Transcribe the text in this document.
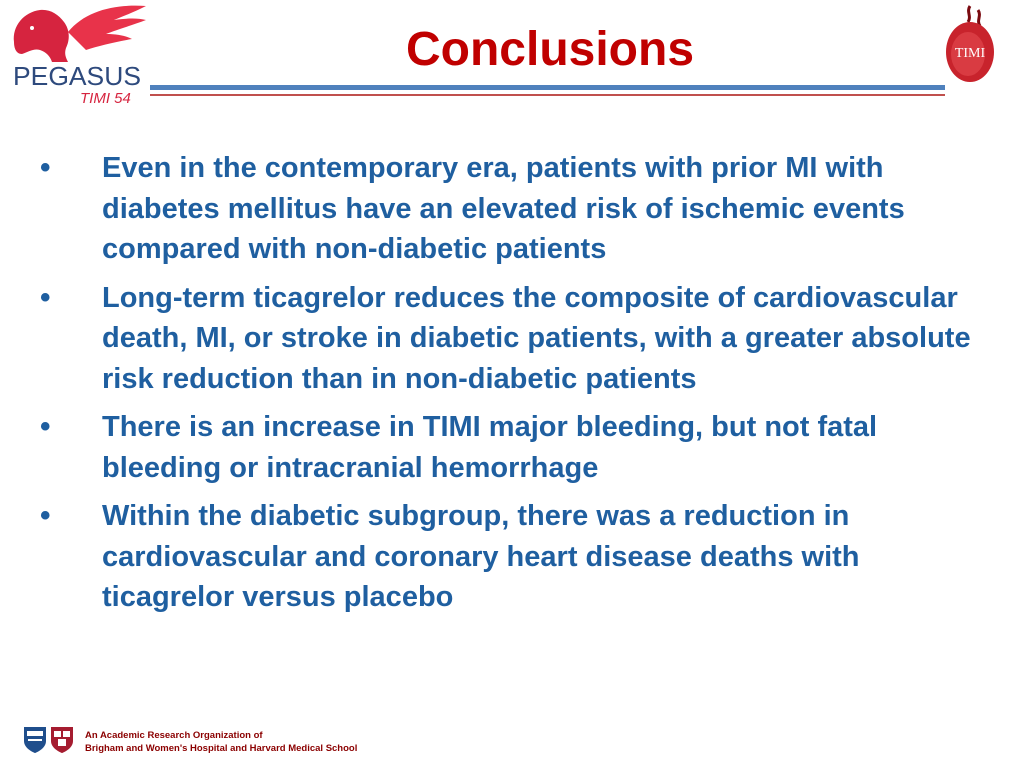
PEGASUS
TIMI 54
Conclusions	TIMI
•	Even in the contemporary era, patients with prior MI with diabetes mellitus have an elevated risk of ischemic events compared with non-diabetic patients
•	Long-term ticagrelor reduces the composite of cardiovascular death, MI, or stroke in diabetic patients, with a greater absolute risk reduction than in non-diabetic patients
•	There is an increase in TIMI major bleeding, but not fatal bleeding or intracranial hemorrhage
•	Within the diabetic subgroup, there was a reduction in cardiovascular and coronary heart disease deaths with ticagrelor versus placebo
An Academic Research Organization of
Brigham and Women's Hospital and Harvard Medical School
